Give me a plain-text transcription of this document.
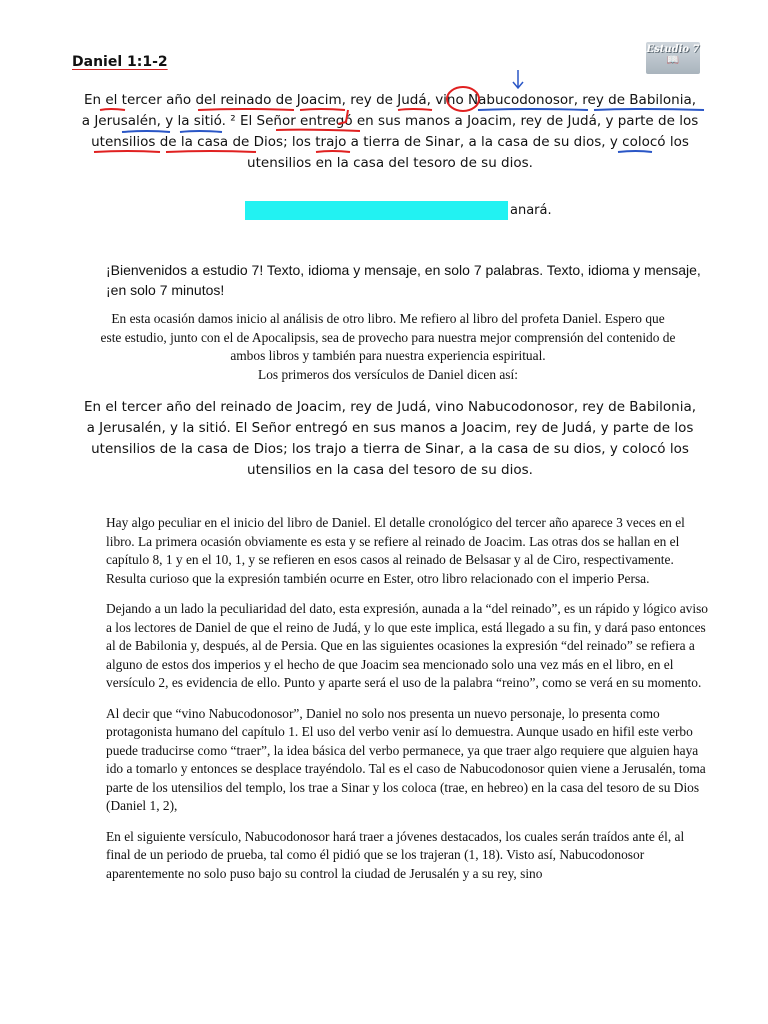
Daniel 1:1-2
Estudio 7
📖
En el tercer año del reinado de Joacim, rey de Judá, vino Nabucodonosor, rey de Babilonia,
a Jerusalén, y la sitió. ² El Señor entregó en sus manos a Joacim, rey de Judá, y parte de los
utensilios de la casa de Dios; los trajo a tierra de Sinar, a la casa de su dios, y colocó los
utensilios en la casa del tesoro de su dios.
anará.
¡Bienvenidos a estudio 7! Texto, idioma y mensaje, en solo 7 palabras. Texto, idioma y mensaje, ¡en solo 7 minutos!
En esta ocasión damos inicio al análisis de otro libro. Me refiero al libro del profeta Daniel. Espero que
este estudio, junto con el de Apocalipsis, sea de provecho para nuestra mejor comprensión del contenido de
ambos libros y también para nuestra experiencia espiritual.
Los primeros dos versículos de Daniel dicen así:
En el tercer año del reinado de Joacim, rey de Judá, vino Nabucodonosor, rey de Babilonia,
a Jerusalén, y la sitió. El Señor entregó en sus manos a Joacim, rey de Judá, y parte de los
utensilios de la casa de Dios; los trajo a tierra de Sinar, a la casa de su dios, y colocó los
utensilios en la casa del tesoro de su dios.

Hay algo peculiar en el inicio del libro de Daniel. El detalle cronológico del tercer año aparece 3 veces en el libro. La primera ocasión obviamente es esta y se refiere al reinado de Joacim. Las otras dos se hallan en el capítulo 8, 1 y en el 10, 1, y se refieren en esos casos al reinado de Belsasar y al de Ciro, respectivamente. Resulta curioso que la expresión también ocurre en Ester, otro libro relacionado con el imperio Persa.

Dejando a un lado la peculiaridad del dato, esta expresión, aunada a la “del reinado”, es un rápido y lógico aviso a los lectores de Daniel de que el reino de Judá, y lo que este implica, está llegado a su fin, y dará paso entonces al de Babilonia y, después, al de Persia. Que en las siguientes ocasiones la expresión “del reinado” se refiera a alguno de estos dos imperios y el hecho de que Joacim sea mencionado solo una vez más en el libro, en el versículo 2, es evidencia de ello. Punto y aparte será el uso de la palabra “reino”, como se verá en su momento.

Al decir que “vino Nabucodonosor”, Daniel no solo nos presenta un nuevo personaje, lo presenta como protagonista humano del capítulo 1. El uso del verbo venir así lo demuestra. Aunque usado en hifil este verbo puede traducirse como “traer”, la idea básica del verbo permanece, ya que traer algo requiere que alguien haya ido a tomarlo y entonces se desplace trayéndolo. Tal es el caso de Nabucodonosor quien viene a Jerusalén, toma parte de los utensilios del templo, los trae a Sinar y los coloca (trae, en hebreo) en la casa del tesoro de su Dios (Daniel 1, 2),

En el siguiente versículo, Nabucodonosor hará traer a jóvenes destacados, los cuales serán traídos ante él, al final de un periodo de prueba, tal como él pidió que se los trajeran (1, 18). Visto así, Nabucodonosor aparentemente no solo puso bajo su control la ciudad de Jerusalén y a su rey, sino
